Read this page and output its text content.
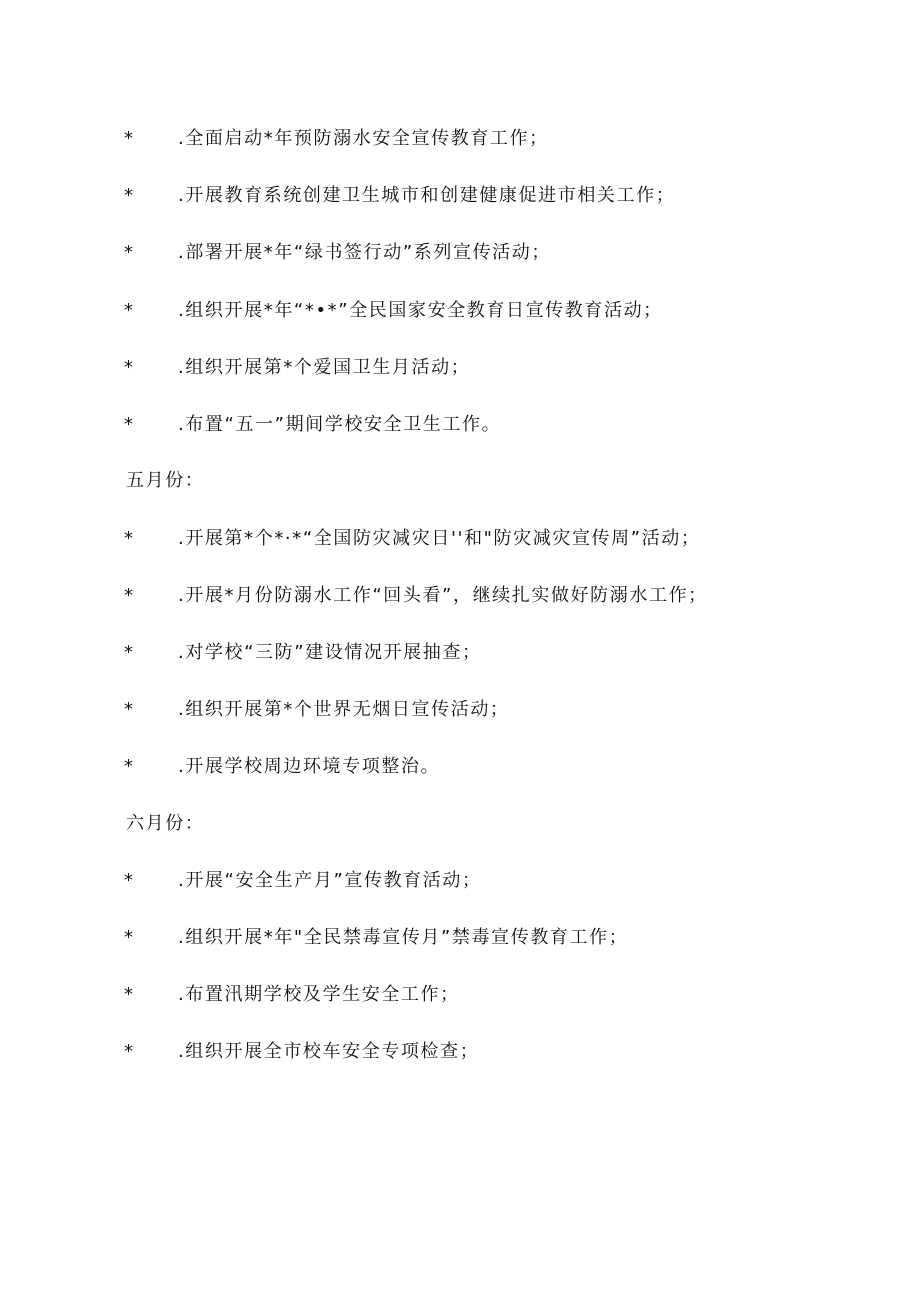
*	.全面启动*年预防溺水安全宣传教育工作；
*	.开展教育系统创建卫生城市和创建健康促进市相关工作；
*	.部署开展*年“绿书签行动”系列宣传活动；
*	.组织开展*年“*•*”全民国家安全教育日宣传教育活动；
*	.组织开展第*个爱国卫生月活动；
*	.布置“五一”期间学校安全卫生工作。
五月份：
*	.开展第*个*·*“全国防灾减灾日''和"防灾减灾宣传周”活动；
*	.开展*月份防溺水工作“回头看”，继续扎实做好防溺水工作；
*	.对学校“三防”建设情况开展抽查；
*	.组织开展第*个世界无烟日宣传活动；
*	.开展学校周边环境专项整治。
六月份：
*	.开展“安全生产月”宣传教育活动；
*	.组织开展*年"全民禁毒宣传月”禁毒宣传教育工作；
*	.布置汛期学校及学生安全工作；
*	.组织开展全市校车安全专项检查；
